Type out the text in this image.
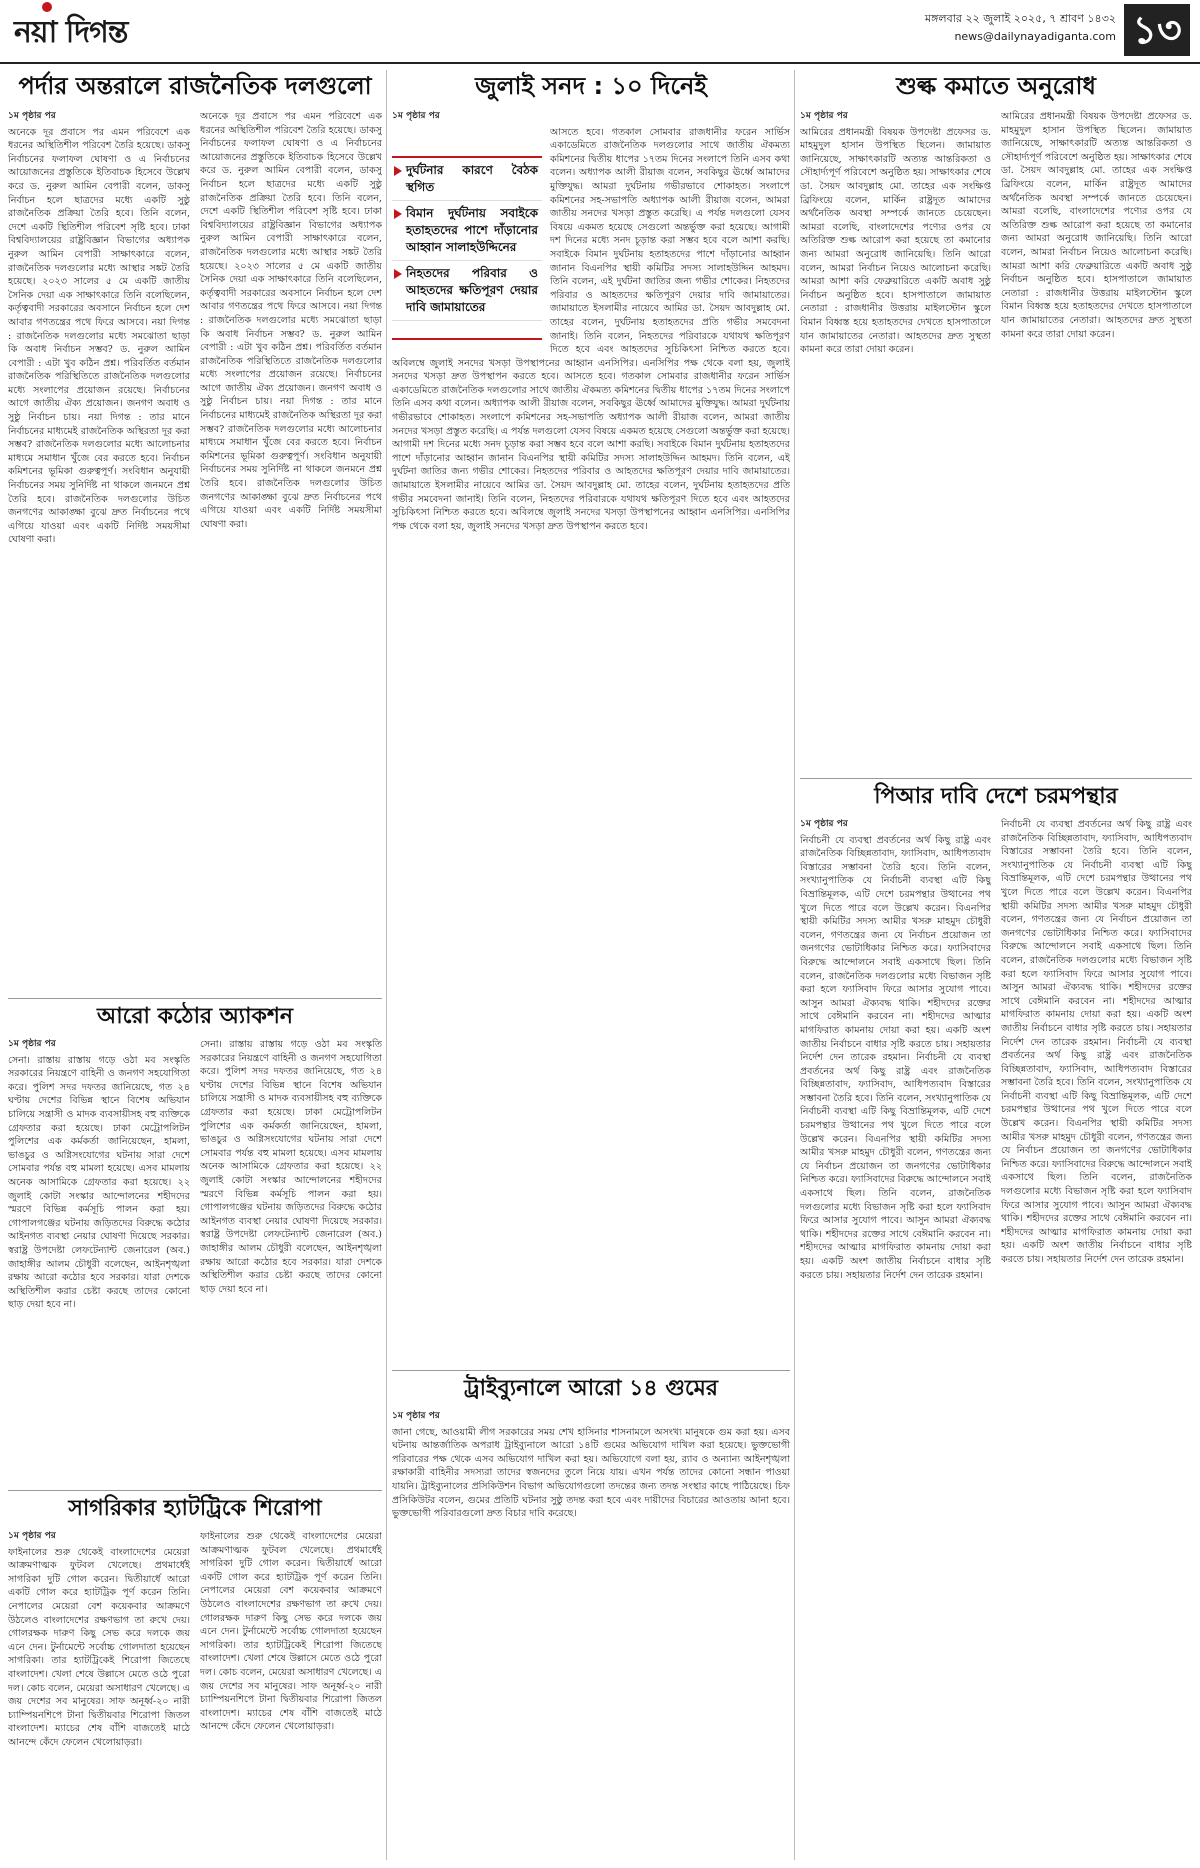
নয়া দিগন্ত	মঙ্গলবার ২২ জুলাই ২০২৫, ৭ শ্রাবণ ১৪৩২
news@dailynayadiganta.com ১৩
পর্দার অন্তরালে রাজনৈতিক দলগুলো
১ম পৃষ্ঠার পর
অনেকে দূর প্রবাসে পর এমন পরিবেশে এক ধরনের অস্থিতিশীল পরিবেশ তৈরি হয়েছে। ডাকসু নির্বাচনের ফলাফল ঘোষণা ও এ নির্বাচনের আয়োজনের প্রস্তুতিকে ইতিবাচক হিসেবে উল্লেখ করে ড. নুরুল আমিন বেপারী বলেন, ডাকসু নির্বাচন হলে ছাত্রদের মধ্যে একটি সুষ্ঠু রাজনৈতিক প্রক্রিয়া তৈরি হবে। তিনি বলেন, দেশে একটি স্থিতিশীল পরিবেশ সৃষ্টি হবে। ঢাকা বিশ্ববিদ্যালয়ের রাষ্ট্রবিজ্ঞান বিভাগের অধ্যাপক নুরুল আমিন বেপারী সাক্ষাৎকারে বলেন, রাজনৈতিক দলগুলোর মধ্যে আস্থার সঙ্কট তৈরি হয়েছে। ২০২৩ সালের ৫ মে একটি জাতীয় সৈনিক দেয়া এক সাক্ষাৎকারে তিনি বলেছিলেন, কর্তৃত্ববাদী সরকারের অবসানে নির্বাচন হলে দেশ আবার গণতন্ত্রের পথে ফিরে আসবে। নয়া দিগন্ত : রাজনৈতিক দলগুলোর মধ্যে সমঝোতা ছাড়া কি অবাধ নির্বাচন সম্ভব? ড. নুরুল আমিন বেপারী : এটা খুব কঠিন প্রশ্ন। পরিবর্তিত বর্তমান রাজনৈতিক পরিস্থিতিতে রাজনৈতিক দলগুলোর মধ্যে সংলাপের প্রয়োজন রয়েছে। নির্বাচনের আগে জাতীয় ঐক্য প্রয়োজন। জনগণ অবাধ ও সুষ্ঠু নির্বাচন চায়। নয়া দিগন্ত : তার মানে নির্বাচনের মাধ্যমেই রাজনৈতিক অস্থিরতা দূর করা সম্ভব? রাজনৈতিক দলগুলোর মধ্যে আলোচনার মাধ্যমে সমাধান খুঁজে বের করতে হবে। নির্বাচন কমিশনের ভূমিকা গুরুত্বপূর্ণ। সংবিধান অনুযায়ী নির্বাচনের সময় সুনির্দিষ্ট না থাকলে জনমনে প্রশ্ন তৈরি হবে। রাজনৈতিক দলগুলোর উচিত জনগণের আকাঙ্ক্ষা বুঝে দ্রুত নির্বাচনের পথে এগিয়ে যাওয়া এবং একটি নির্দিষ্ট সময়সীমা ঘোষণা করা।
অনেকে দূর প্রবাসে পর এমন পরিবেশে এক ধরনের অস্থিতিশীল পরিবেশ তৈরি হয়েছে। ডাকসু নির্বাচনের ফলাফল ঘোষণা ও এ নির্বাচনের আয়োজনের প্রস্তুতিকে ইতিবাচক হিসেবে উল্লেখ করে ড. নুরুল আমিন বেপারী বলেন, ডাকসু নির্বাচন হলে ছাত্রদের মধ্যে একটি সুষ্ঠু রাজনৈতিক প্রক্রিয়া তৈরি হবে। তিনি বলেন, দেশে একটি স্থিতিশীল পরিবেশ সৃষ্টি হবে। ঢাকা বিশ্ববিদ্যালয়ের রাষ্ট্রবিজ্ঞান বিভাগের অধ্যাপক নুরুল আমিন বেপারী সাক্ষাৎকারে বলেন, রাজনৈতিক দলগুলোর মধ্যে আস্থার সঙ্কট তৈরি হয়েছে। ২০২৩ সালের ৫ মে একটি জাতীয় সৈনিক দেয়া এক সাক্ষাৎকারে তিনি বলেছিলেন, কর্তৃত্ববাদী সরকারের অবসানে নির্বাচন হলে দেশ আবার গণতন্ত্রের পথে ফিরে আসবে। নয়া দিগন্ত : রাজনৈতিক দলগুলোর মধ্যে সমঝোতা ছাড়া কি অবাধ নির্বাচন সম্ভব? ড. নুরুল আমিন বেপারী : এটা খুব কঠিন প্রশ্ন। পরিবর্তিত বর্তমান রাজনৈতিক পরিস্থিতিতে রাজনৈতিক দলগুলোর মধ্যে সংলাপের প্রয়োজন রয়েছে। নির্বাচনের আগে জাতীয় ঐক্য প্রয়োজন। জনগণ অবাধ ও সুষ্ঠু নির্বাচন চায়। নয়া দিগন্ত : তার মানে নির্বাচনের মাধ্যমেই রাজনৈতিক অস্থিরতা দূর করা সম্ভব? রাজনৈতিক দলগুলোর মধ্যে আলোচনার মাধ্যমে সমাধান খুঁজে বের করতে হবে। নির্বাচন কমিশনের ভূমিকা গুরুত্বপূর্ণ। সংবিধান অনুযায়ী নির্বাচনের সময় সুনির্দিষ্ট না থাকলে জনমনে প্রশ্ন তৈরি হবে। রাজনৈতিক দলগুলোর উচিত জনগণের আকাঙ্ক্ষা বুঝে দ্রুত নির্বাচনের পথে এগিয়ে যাওয়া এবং একটি নির্দিষ্ট সময়সীমা ঘোষণা করা।
আরো কঠোর অ্যাকশন
১ম পৃষ্ঠার পর
সেনা। রাস্তায় রাস্তায় গড়ে ওঠা মব সংস্কৃতি সরকারের নিয়ন্ত্রণে বাহিনী ও জনগণ সহযোগিতা করে। পুলিশ সদর দফতর জানিয়েছে, গত ২৪ ঘণ্টায় দেশের বিভিন্ন স্থানে বিশেষ অভিযান চালিয়ে সন্ত্রাসী ও মাদক ব্যবসায়ীসহ বহু ব্যক্তিকে গ্রেফতার করা হয়েছে। ঢাকা মেট্রোপলিটন পুলিশের এক কর্মকর্তা জানিয়েছেন, হামলা, ভাঙচুর ও অগ্নিসংযোগের ঘটনায় সারা দেশে সোমবার পর্যন্ত বহু মামলা হয়েছে। এসব মামলায় অনেক আসামিকে গ্রেফতার করা হয়েছে। ২২ জুলাই কোটা সংস্কার আন্দোলনের শহীদদের স্মরণে বিভিন্ন কর্মসূচি পালন করা হয়। গোপালগঞ্জের ঘটনায় জড়িতদের বিরুদ্ধে কঠোর আইনগত ব্যবস্থা নেয়ার ঘোষণা দিয়েছে সরকার। স্বরাষ্ট্র উপদেষ্টা লেফটেন্যান্ট জেনারেল (অব.) জাহাঙ্গীর আলম চৌধুরী বলেছেন, আইনশৃঙ্খলা রক্ষায় আরো কঠোর হবে সরকার। যারা দেশকে অস্থিতিশীল করার চেষ্টা করছে তাদের কোনো ছাড় দেয়া হবে না।
সেনা। রাস্তায় রাস্তায় গড়ে ওঠা মব সংস্কৃতি সরকারের নিয়ন্ত্রণে বাহিনী ও জনগণ সহযোগিতা করে। পুলিশ সদর দফতর জানিয়েছে, গত ২৪ ঘণ্টায় দেশের বিভিন্ন স্থানে বিশেষ অভিযান চালিয়ে সন্ত্রাসী ও মাদক ব্যবসায়ীসহ বহু ব্যক্তিকে গ্রেফতার করা হয়েছে। ঢাকা মেট্রোপলিটন পুলিশের এক কর্মকর্তা জানিয়েছেন, হামলা, ভাঙচুর ও অগ্নিসংযোগের ঘটনায় সারা দেশে সোমবার পর্যন্ত বহু মামলা হয়েছে। এসব মামলায় অনেক আসামিকে গ্রেফতার করা হয়েছে। ২২ জুলাই কোটা সংস্কার আন্দোলনের শহীদদের স্মরণে বিভিন্ন কর্মসূচি পালন করা হয়। গোপালগঞ্জের ঘটনায় জড়িতদের বিরুদ্ধে কঠোর আইনগত ব্যবস্থা নেয়ার ঘোষণা দিয়েছে সরকার। স্বরাষ্ট্র উপদেষ্টা লেফটেন্যান্ট জেনারেল (অব.) জাহাঙ্গীর আলম চৌধুরী বলেছেন, আইনশৃঙ্খলা রক্ষায় আরো কঠোর হবে সরকার। যারা দেশকে অস্থিতিশীল করার চেষ্টা করছে তাদের কোনো ছাড় দেয়া হবে না।
সাগরিকার হ্যাটট্রিকে শিরোপা
১ম পৃষ্ঠার পর
ফাইনালের শুরু থেকেই বাংলাদেশের মেয়েরা আক্রমণাত্মক ফুটবল খেলেছে। প্রথমার্ধেই সাগরিকা দুটি গোল করেন। দ্বিতীয়ার্ধে আরো একটি গোল করে হ্যাটট্রিক পূর্ণ করেন তিনি। নেপালের মেয়েরা বেশ কয়েকবার আক্রমণে উঠলেও বাংলাদেশের রক্ষণভাগ তা রুখে দেয়। গোলরক্ষক দারুণ কিছু সেভ করে দলকে জয় এনে দেন। টুর্নামেন্টে সর্বোচ্চ গোলদাতা হয়েছেন সাগরিকা। তার হ্যাটট্রিকেই শিরোপা জিতেছে বাংলাদেশ। খেলা শেষে উল্লাসে মেতে ওঠে পুরো দল। কোচ বলেন, মেয়েরা অসাধারণ খেলেছে। এ জয় দেশের সব মানুষের। সাফ অনূর্ধ্ব-২০ নারী চ্যাম্পিয়নশিপে টানা দ্বিতীয়বার শিরোপা জিতল বাংলাদেশ। ম্যাচের শেষ বাঁশি বাজতেই মাঠে আনন্দে কেঁদে ফেলেন খেলোয়াড়রা।
ফাইনালের শুরু থেকেই বাংলাদেশের মেয়েরা আক্রমণাত্মক ফুটবল খেলেছে। প্রথমার্ধেই সাগরিকা দুটি গোল করেন। দ্বিতীয়ার্ধে আরো একটি গোল করে হ্যাটট্রিক পূর্ণ করেন তিনি। নেপালের মেয়েরা বেশ কয়েকবার আক্রমণে উঠলেও বাংলাদেশের রক্ষণভাগ তা রুখে দেয়। গোলরক্ষক দারুণ কিছু সেভ করে দলকে জয় এনে দেন। টুর্নামেন্টে সর্বোচ্চ গোলদাতা হয়েছেন সাগরিকা। তার হ্যাটট্রিকেই শিরোপা জিতেছে বাংলাদেশ। খেলা শেষে উল্লাসে মেতে ওঠে পুরো দল। কোচ বলেন, মেয়েরা অসাধারণ খেলেছে। এ জয় দেশের সব মানুষের। সাফ অনূর্ধ্ব-২০ নারী চ্যাম্পিয়নশিপে টানা দ্বিতীয়বার শিরোপা জিতল বাংলাদেশ। ম্যাচের শেষ বাঁশি বাজতেই মাঠে আনন্দে কেঁদে ফেলেন খেলোয়াড়রা।
জুলাই সনদ : ১০ দিনেই
১ম পৃষ্ঠার পর
দুর্ঘটনার কারণে বৈঠক স্থগিত
বিমান দুর্ঘটনায় সবাইকে হতাহতদের পাশে দাঁড়ানোর আহ্বান সালাহউদ্দিনের
নিহতদের পরিবার ও আহতদের ক্ষতিপূরণ দেয়ার দাবি জামায়াতের
আসতে হবে। গতকাল সোমবার রাজধানীর ফরেন সার্ভিস একাডেমিতে রাজনৈতিক দলগুলোর সাথে জাতীয় ঐকমত্য কমিশনের দ্বিতীয় ধাপের ১৭তম দিনের সংলাপে তিনি এসব কথা বলেন। অধ্যাপক আলী রীয়াজ বলেন, সবকিছুর ঊর্ধ্বে আমাদের মুক্তিযুদ্ধ। আমরা দুর্ঘটনায় গভীরভাবে শোকাহত। সংলাপে কমিশনের সহ-সভাপতি অধ্যাপক আলী রীয়াজ বলেন, আমরা জাতীয় সনদের খসড়া প্রস্তুত করেছি। এ পর্যন্ত দলগুলো যেসব বিষয়ে একমত হয়েছে সেগুলো অন্তর্ভুক্ত করা হয়েছে। আগামী দশ দিনের মধ্যে সনদ চূড়ান্ত করা সম্ভব হবে বলে আশা করছি। সবাইকে বিমান দুর্ঘটনায় হতাহতদের পাশে দাঁড়ানোর আহ্বান জানান বিএনপির স্থায়ী কমিটির সদস্য সালাহউদ্দিন আহমদ। তিনি বলেন, এই দুর্ঘটনা জাতির জন্য গভীর শোকের। নিহতদের পরিবার ও আহতদের ক্ষতিপূরণ দেয়ার দাবি জামায়াতের। জামায়াতে ইসলামীর নায়েবে আমির ডা. সৈয়দ আবদুল্লাহ মো. তাহের বলেন, দুর্ঘটনায় হতাহতদের প্রতি গভীর সমবেদনা জানাই। তিনি বলেন, নিহতদের পরিবারকে যথাযথ ক্ষতিপূরণ দিতে হবে এবং আহতদের সুচিকিৎসা নিশ্চিত করতে হবে। অবিলম্বে জুলাই সনদের খসড়া উপস্থাপনের আহ্বান এনসিপির। এনসিপির পক্ষ থেকে বলা হয়, জুলাই সনদের খসড়া দ্রুত উপস্থাপন করতে হবে। আসতে হবে। গতকাল সোমবার রাজধানীর ফরেন সার্ভিস একাডেমিতে রাজনৈতিক দলগুলোর সাথে জাতীয় ঐকমত্য কমিশনের দ্বিতীয় ধাপের ১৭তম দিনের সংলাপে তিনি এসব কথা বলেন। অধ্যাপক আলী রীয়াজ বলেন, সবকিছুর ঊর্ধ্বে আমাদের মুক্তিযুদ্ধ। আমরা দুর্ঘটনায় গভীরভাবে শোকাহত। সংলাপে কমিশনের সহ-সভাপতি অধ্যাপক আলী রীয়াজ বলেন, আমরা জাতীয় সনদের খসড়া প্রস্তুত করেছি। এ পর্যন্ত দলগুলো যেসব বিষয়ে একমত হয়েছে সেগুলো অন্তর্ভুক্ত করা হয়েছে। আগামী দশ দিনের মধ্যে সনদ চূড়ান্ত করা সম্ভব হবে বলে আশা করছি। সবাইকে বিমান দুর্ঘটনায় হতাহতদের পাশে দাঁড়ানোর আহ্বান জানান বিএনপির স্থায়ী কমিটির সদস্য সালাহউদ্দিন আহমদ। তিনি বলেন, এই দুর্ঘটনা জাতির জন্য গভীর শোকের। নিহতদের পরিবার ও আহতদের ক্ষতিপূরণ দেয়ার দাবি জামায়াতের। জামায়াতে ইসলামীর নায়েবে আমির ডা. সৈয়দ আবদুল্লাহ মো. তাহের বলেন, দুর্ঘটনায় হতাহতদের প্রতি গভীর সমবেদনা জানাই। তিনি বলেন, নিহতদের পরিবারকে যথাযথ ক্ষতিপূরণ দিতে হবে এবং আহতদের সুচিকিৎসা নিশ্চিত করতে হবে। অবিলম্বে জুলাই সনদের খসড়া উপস্থাপনের আহ্বান এনসিপির। এনসিপির পক্ষ থেকে বলা হয়, জুলাই সনদের খসড়া দ্রুত উপস্থাপন করতে হবে।
ট্রাইব্যুনালে আরো ১৪ গুমের
১ম পৃষ্ঠার পর
জানা গেছে, আওয়ামী লীগ সরকারের সময় শেখ হাসিনার শাসনামলে অসংখ্য মানুষকে গুম করা হয়। এসব ঘটনায় আন্তর্জাতিক অপরাধ ট্রাইব্যুনালে আরো ১৪টি গুমের অভিযোগ দাখিল করা হয়েছে। ভুক্তভোগী পরিবারের পক্ষ থেকে এসব অভিযোগ দাখিল করা হয়। অভিযোগে বলা হয়, র‌্যাব ও অন্যান্য আইনশৃঙ্খলা রক্ষাকারী বাহিনীর সদস্যরা তাদের স্বজনদের তুলে নিয়ে যায়। এখন পর্যন্ত তাদের কোনো সন্ধান পাওয়া যায়নি। ট্রাইব্যুনালের প্রসিকিউশন বিভাগ অভিযোগগুলো তদন্তের জন্য তদন্ত সংস্থার কাছে পাঠিয়েছে। চিফ প্রসিকিউটর বলেন, গুমের প্রতিটি ঘটনার সুষ্ঠু তদন্ত করা হবে এবং দায়ীদের বিচারের আওতায় আনা হবে। ভুক্তভোগী পরিবারগুলো দ্রুত বিচার দাবি করেছে।
শুল্ক কমাতে অনুরোধ
১ম পৃষ্ঠার পর
আমিরের প্রধানমন্ত্রী বিষয়ক উপদেষ্টা প্রফেসর ড. মাহমুদুল হাসান উপস্থিত ছিলেন। জামায়াত জানিয়েছে, সাক্ষাৎকারটি অত্যন্ত আন্তরিকতা ও সৌহার্দ্যপূর্ণ পরিবেশে অনুষ্ঠিত হয়। সাক্ষাৎকার শেষে ডা. সৈয়দ আবদুল্লাহ মো. তাহের এক সংক্ষিপ্ত ব্রিফিংয়ে বলেন, মার্কিন রাষ্ট্রদূত আমাদের অর্থনৈতিক অবস্থা সম্পর্কে জানতে চেয়েছেন। আমরা বলেছি, বাংলাদেশের পণ্যের ওপর যে অতিরিক্ত শুল্ক আরোপ করা হয়েছে তা কমানোর জন্য আমরা অনুরোধ জানিয়েছি। তিনি আরো বলেন, আমরা নির্বাচন নিয়েও আলোচনা করেছি। আমরা আশা করি ফেব্রুয়ারিতে একটি অবাধ সুষ্ঠু নির্বাচন অনুষ্ঠিত হবে। হাসপাতালে জামায়াত নেতারা : রাজধানীর উত্তরায় মাইলস্টোন স্কুলে বিমান বিধ্বস্ত হয়ে হতাহতদের দেখতে হাসপাতালে যান জামায়াতের নেতারা। আহতদের দ্রুত সুস্থতা কামনা করে তারা দোয়া করেন।
আমিরের প্রধানমন্ত্রী বিষয়ক উপদেষ্টা প্রফেসর ড. মাহমুদুল হাসান উপস্থিত ছিলেন। জামায়াত জানিয়েছে, সাক্ষাৎকারটি অত্যন্ত আন্তরিকতা ও সৌহার্দ্যপূর্ণ পরিবেশে অনুষ্ঠিত হয়। সাক্ষাৎকার শেষে ডা. সৈয়দ আবদুল্লাহ মো. তাহের এক সংক্ষিপ্ত ব্রিফিংয়ে বলেন, মার্কিন রাষ্ট্রদূত আমাদের অর্থনৈতিক অবস্থা সম্পর্কে জানতে চেয়েছেন। আমরা বলেছি, বাংলাদেশের পণ্যের ওপর যে অতিরিক্ত শুল্ক আরোপ করা হয়েছে তা কমানোর জন্য আমরা অনুরোধ জানিয়েছি। তিনি আরো বলেন, আমরা নির্বাচন নিয়েও আলোচনা করেছি। আমরা আশা করি ফেব্রুয়ারিতে একটি অবাধ সুষ্ঠু নির্বাচন অনুষ্ঠিত হবে। হাসপাতালে জামায়াত নেতারা : রাজধানীর উত্তরায় মাইলস্টোন স্কুলে বিমান বিধ্বস্ত হয়ে হতাহতদের দেখতে হাসপাতালে যান জামায়াতের নেতারা। আহতদের দ্রুত সুস্থতা কামনা করে তারা দোয়া করেন।
পিআর দাবি দেশে চরমপন্থার
১ম পৃষ্ঠার পর
নির্বাচনী যে ব্যবস্থা প্রবর্তনের অর্থ কিছু রাষ্ট্র এবং রাজনৈতিক বিচ্ছিন্নতাবাদ, ফ্যাসিবাদ, আধিপত্যবাদ বিস্তারের সম্ভাবনা তৈরি হবে। তিনি বলেন, সংখ্যানুপাতিক যে নির্বাচনী ব্যবস্থা এটি কিছু বিভ্রান্তিমূলক, এটি দেশে চরমপন্থার উত্থানের পথ খুলে দিতে পারে বলে উল্লেখ করেন। বিএনপির স্থায়ী কমিটির সদস্য আমীর খসরু মাহমুদ চৌধুরী বলেন, গণতন্ত্রের জন্য যে নির্বাচন প্রয়োজন তা জনগণের ভোটাধিকার নিশ্চিত করে। ফ্যাসিবাদের বিরুদ্ধে আন্দোলনে সবাই একসাথে ছিল। তিনি বলেন, রাজনৈতিক দলগুলোর মধ্যে বিভাজন সৃষ্টি করা হলে ফ্যাসিবাদ ফিরে আসার সুযোগ পাবে। আসুন আমরা ঐক্যবদ্ধ থাকি। শহীদদের রক্তের সাথে বেঈমানি করবেন না। শহীদদের আত্মার মাগফিরাত কামনায় দোয়া করা হয়। একটি অংশ জাতীয় নির্বাচনে বাধার সৃষ্টি করতে চায়। সহায়তার নির্দেশ দেন তারেক রহমান। নির্বাচনী যে ব্যবস্থা প্রবর্তনের অর্থ কিছু রাষ্ট্র এবং রাজনৈতিক বিচ্ছিন্নতাবাদ, ফ্যাসিবাদ, আধিপত্যবাদ বিস্তারের সম্ভাবনা তৈরি হবে। তিনি বলেন, সংখ্যানুপাতিক যে নির্বাচনী ব্যবস্থা এটি কিছু বিভ্রান্তিমূলক, এটি দেশে চরমপন্থার উত্থানের পথ খুলে দিতে পারে বলে উল্লেখ করেন। বিএনপির স্থায়ী কমিটির সদস্য আমীর খসরু মাহমুদ চৌধুরী বলেন, গণতন্ত্রের জন্য যে নির্বাচন প্রয়োজন তা জনগণের ভোটাধিকার নিশ্চিত করে। ফ্যাসিবাদের বিরুদ্ধে আন্দোলনে সবাই একসাথে ছিল। তিনি বলেন, রাজনৈতিক দলগুলোর মধ্যে বিভাজন সৃষ্টি করা হলে ফ্যাসিবাদ ফিরে আসার সুযোগ পাবে। আসুন আমরা ঐক্যবদ্ধ থাকি। শহীদদের রক্তের সাথে বেঈমানি করবেন না। শহীদদের আত্মার মাগফিরাত কামনায় দোয়া করা হয়। একটি অংশ জাতীয় নির্বাচনে বাধার সৃষ্টি করতে চায়। সহায়তার নির্দেশ দেন তারেক রহমান।
নির্বাচনী যে ব্যবস্থা প্রবর্তনের অর্থ কিছু রাষ্ট্র এবং রাজনৈতিক বিচ্ছিন্নতাবাদ, ফ্যাসিবাদ, আধিপত্যবাদ বিস্তারের সম্ভাবনা তৈরি হবে। তিনি বলেন, সংখ্যানুপাতিক যে নির্বাচনী ব্যবস্থা এটি কিছু বিভ্রান্তিমূলক, এটি দেশে চরমপন্থার উত্থানের পথ খুলে দিতে পারে বলে উল্লেখ করেন। বিএনপির স্থায়ী কমিটির সদস্য আমীর খসরু মাহমুদ চৌধুরী বলেন, গণতন্ত্রের জন্য যে নির্বাচন প্রয়োজন তা জনগণের ভোটাধিকার নিশ্চিত করে। ফ্যাসিবাদের বিরুদ্ধে আন্দোলনে সবাই একসাথে ছিল। তিনি বলেন, রাজনৈতিক দলগুলোর মধ্যে বিভাজন সৃষ্টি করা হলে ফ্যাসিবাদ ফিরে আসার সুযোগ পাবে। আসুন আমরা ঐক্যবদ্ধ থাকি। শহীদদের রক্তের সাথে বেঈমানি করবেন না। শহীদদের আত্মার মাগফিরাত কামনায় দোয়া করা হয়। একটি অংশ জাতীয় নির্বাচনে বাধার সৃষ্টি করতে চায়। সহায়তার নির্দেশ দেন তারেক রহমান। নির্বাচনী যে ব্যবস্থা প্রবর্তনের অর্থ কিছু রাষ্ট্র এবং রাজনৈতিক বিচ্ছিন্নতাবাদ, ফ্যাসিবাদ, আধিপত্যবাদ বিস্তারের সম্ভাবনা তৈরি হবে। তিনি বলেন, সংখ্যানুপাতিক যে নির্বাচনী ব্যবস্থা এটি কিছু বিভ্রান্তিমূলক, এটি দেশে চরমপন্থার উত্থানের পথ খুলে দিতে পারে বলে উল্লেখ করেন। বিএনপির স্থায়ী কমিটির সদস্য আমীর খসরু মাহমুদ চৌধুরী বলেন, গণতন্ত্রের জন্য যে নির্বাচন প্রয়োজন তা জনগণের ভোটাধিকার নিশ্চিত করে। ফ্যাসিবাদের বিরুদ্ধে আন্দোলনে সবাই একসাথে ছিল। তিনি বলেন, রাজনৈতিক দলগুলোর মধ্যে বিভাজন সৃষ্টি করা হলে ফ্যাসিবাদ ফিরে আসার সুযোগ পাবে। আসুন আমরা ঐক্যবদ্ধ থাকি। শহীদদের রক্তের সাথে বেঈমানি করবেন না। শহীদদের আত্মার মাগফিরাত কামনায় দোয়া করা হয়। একটি অংশ জাতীয় নির্বাচনে বাধার সৃষ্টি করতে চায়। সহায়তার নির্দেশ দেন তারেক রহমান।
